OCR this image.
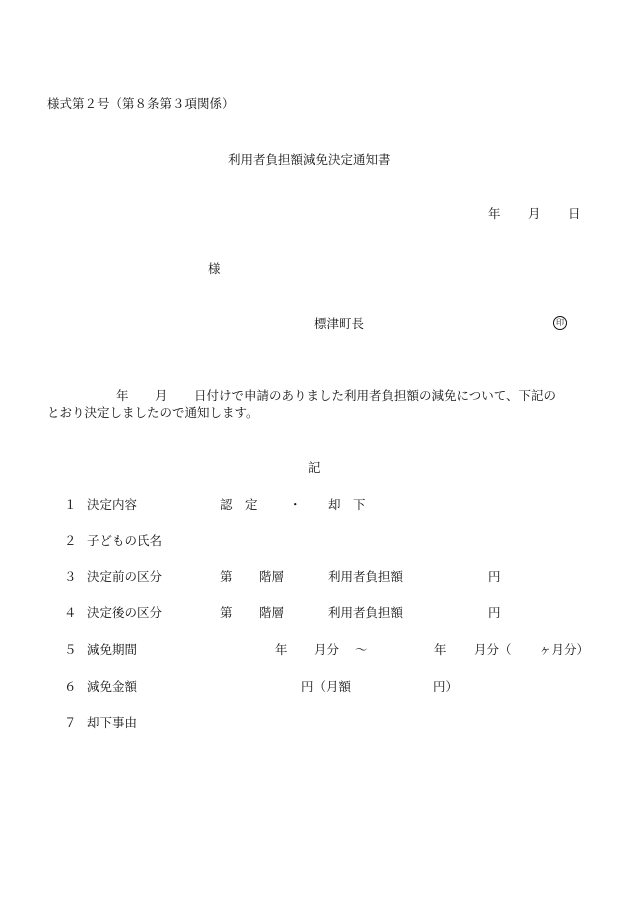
様式第２号（第８条第３項関係）
利用者負担額減免決定通知書
年 月 日
様
標津町長	印
年 月 日付けで申請のありました利用者負担額の減免について、下記の
とおり決定しましたので通知します。
記
１ 決定内容	認　定	・ 却　下
２ 子どもの氏名
３ 決定前の区分	第 階層	利用者負担額	円
４ 決定後の区分	第 階層	利用者負担額	円
５ 減免期間	年 月分 ～	年 月分（ ヶ月分）
６ 減免金額	円（月額	円）
７ 却下事由
